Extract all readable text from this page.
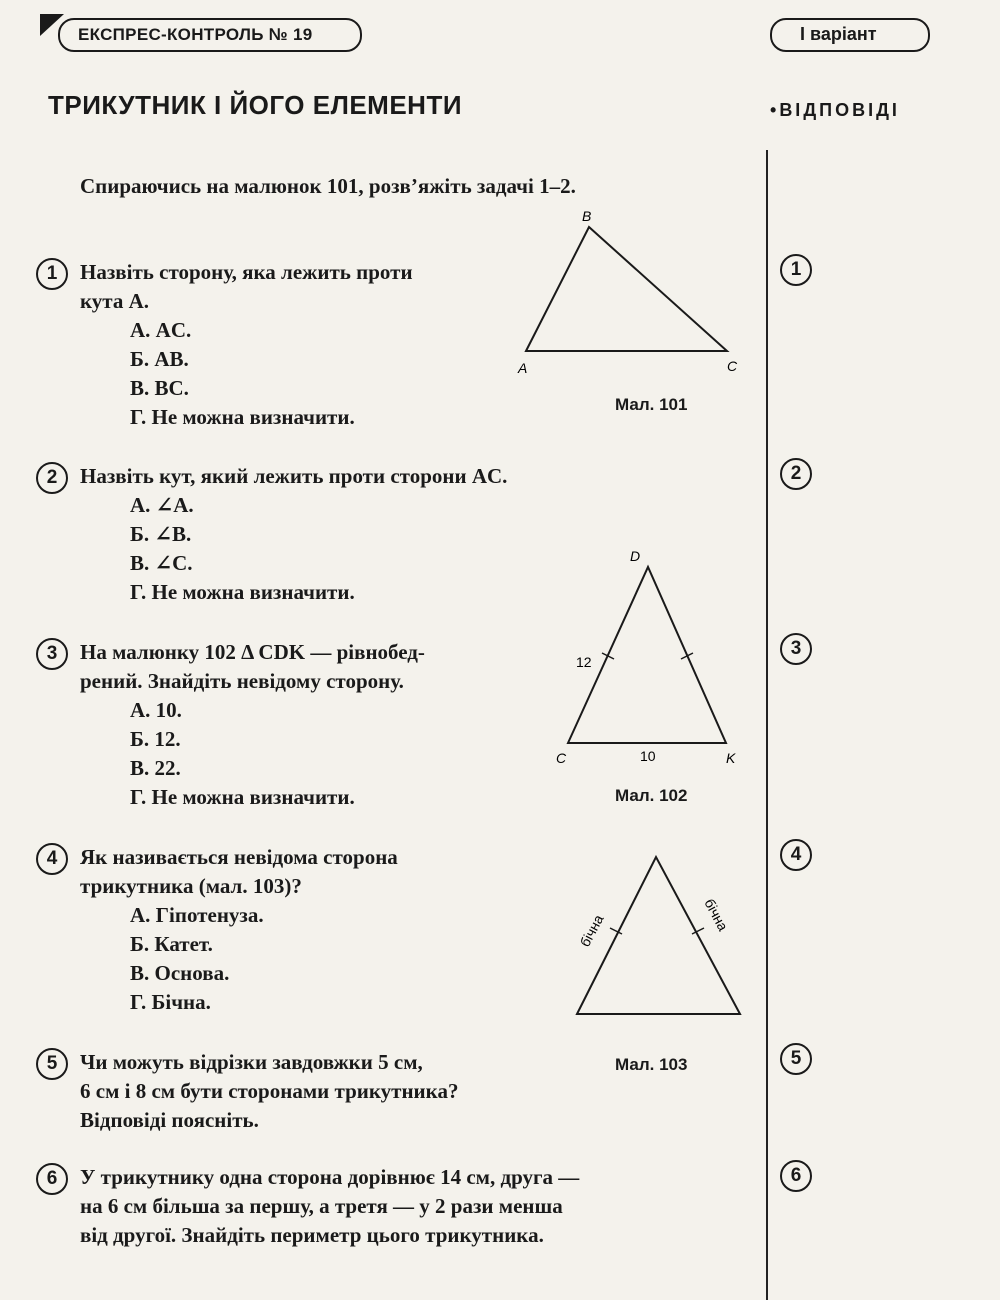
ЕКСПРЕС-КОНТРОЛЬ № 19	І варіант
ТРИКУТНИК І ЙОГО ЕЛЕМЕНТИ	•ВІДПОВІДІ
Спираючись на малюнок 101, розв’яжіть задачі 1–2.
1	Назвіть сторону, яка лежить проти
кута A.
А. AC.
Б. AB.
В. BC.
Г. Не можна визначити.
2	Назвіть кут, який лежить проти сторони AC.
А. ∠A.
Б. ∠B.
В. ∠C.
Г. Не можна визначити.
3	На малюнку 102 Δ CDK — рівнобед-
рений. Знайдіть невідому сторону.
А. 10.
Б. 12.
В. 22.
Г. Не можна визначити.
4	Як називається невідома сторона
трикутника (мал. 103)?
А. Гіпотенуза.
Б. Катет.
В. Основа.
Г. Бічна.
5	Чи можуть відрізки завдовжки 5 см,
6 см і 8 см бути сторонами трикутника?
Відповіді поясніть.
6	У трикутнику одна сторона дорівнює 14 см, друга —
на 6 см більша за першу, а третя — у 2 рази менша
від другої. Знайдіть периметр цього трикутника.
1
2
3
4
5
6
A
B
C
Мал. 101
D
C	K
12
10
Мал. 102
бічна	бічна
Мал. 103
